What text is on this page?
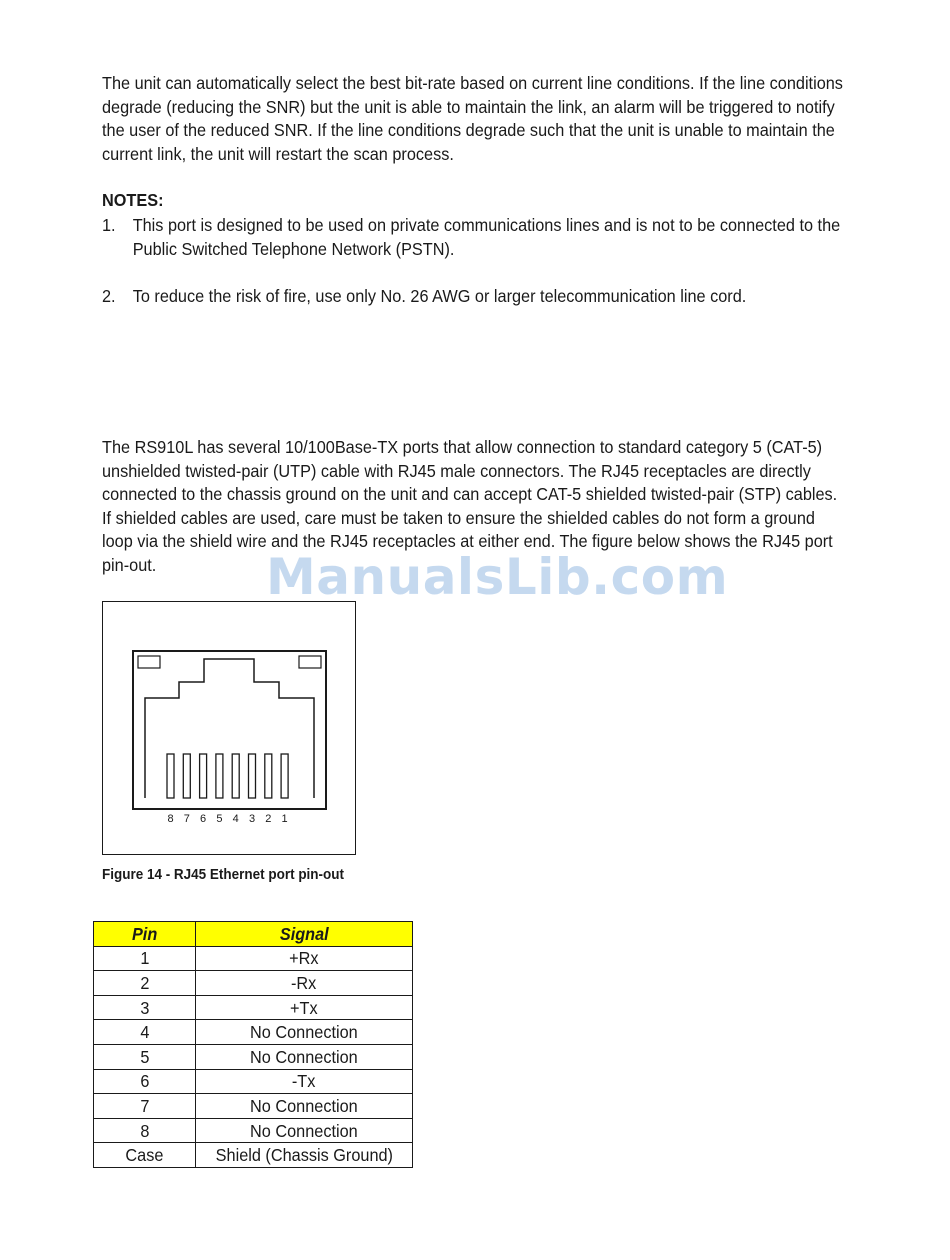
The unit can automatically select the best bit-rate based on current line conditions. If the line conditions degrade (reducing the SNR) but the unit is able to maintain the link, an alarm will be triggered to notify the user of the reduced SNR. If the line conditions degrade such that the unit is unable to maintain the current link, the unit will restart the scan process.

NOTES:
1. This port is designed to be used on private communications lines and is not to be connected to the Public Switched Telephone Network (PSTN).
2. To reduce the risk of fire, use only No. 26 AWG or larger telecommunication line cord.

The RS910L has several 10/100Base-TX ports that allow connection to standard category 5 (CAT-5) unshielded twisted-pair (UTP) cable with RJ45 male connectors. The RJ45 receptacles are directly connected to the chassis ground on the unit and can accept CAT-5 shielded twisted-pair (STP) cables. If shielded cables are used, care must be taken to ensure the shielded cables do not form a ground loop via the shield wire and the RJ45 receptacles at either end. The figure below shows the RJ45 port pin-out.

8 7 6 5 4 3 2 1
Figure 14 - RJ45 Ethernet port pin-out
ManualsLib.com
Pin	Signal
1	+Rx
2	-Rx
3	+Tx
4	No Connection
5	No Connection
6	-Tx
7	No Connection
8	No Connection
Case	Shield (Chassis Ground)
